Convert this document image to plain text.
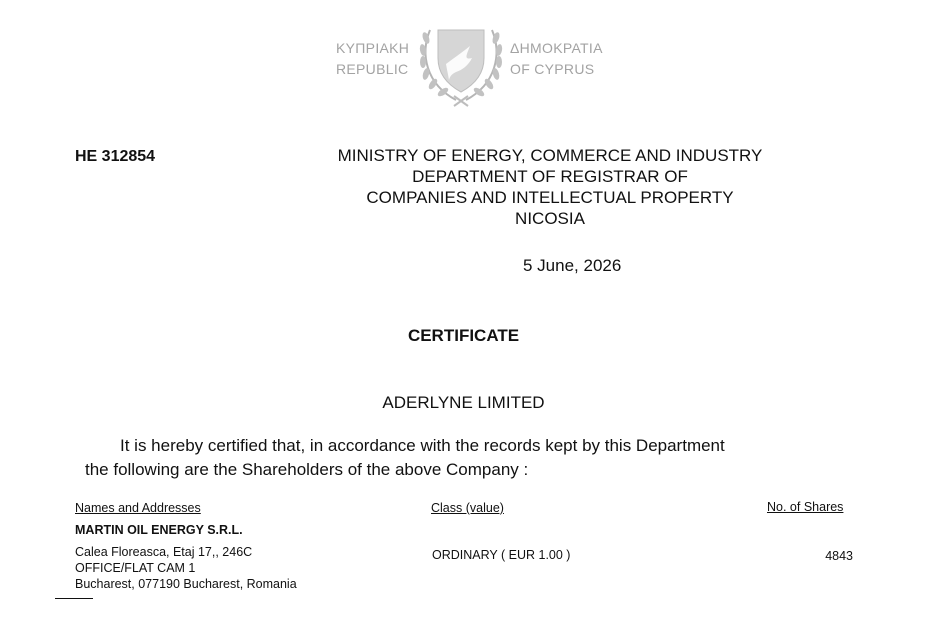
ΚΥΠΡΙΑΚΗ
REPUBLIC
ΔΗΜΟΚΡΑΤΙΑ
OF CYPRUS
HE 312854	MINISTRY OF ENERGY, COMMERCE AND INDUSTRY
DEPARTMENT OF REGISTRAR OF
COMPANIES AND INTELLECTUAL PROPERTY
NICOSIA
5 June, 2026
CERTIFICATE
ADERLYNE LIMITED
It is hereby certified that, in accordance with the records kept by this Department
the following are the Shareholders of the above Company :
Names and Addresses	Class (value)	No. of Shares
MARTIN OIL ENERGY S.R.L.
Calea Floreasca, Etaj 17,, 246C
OFFICE/FLAT CAM 1
Bucharest, 077190 Bucharest, Romania
ORDINARY ( EUR 1.00 )	4843
